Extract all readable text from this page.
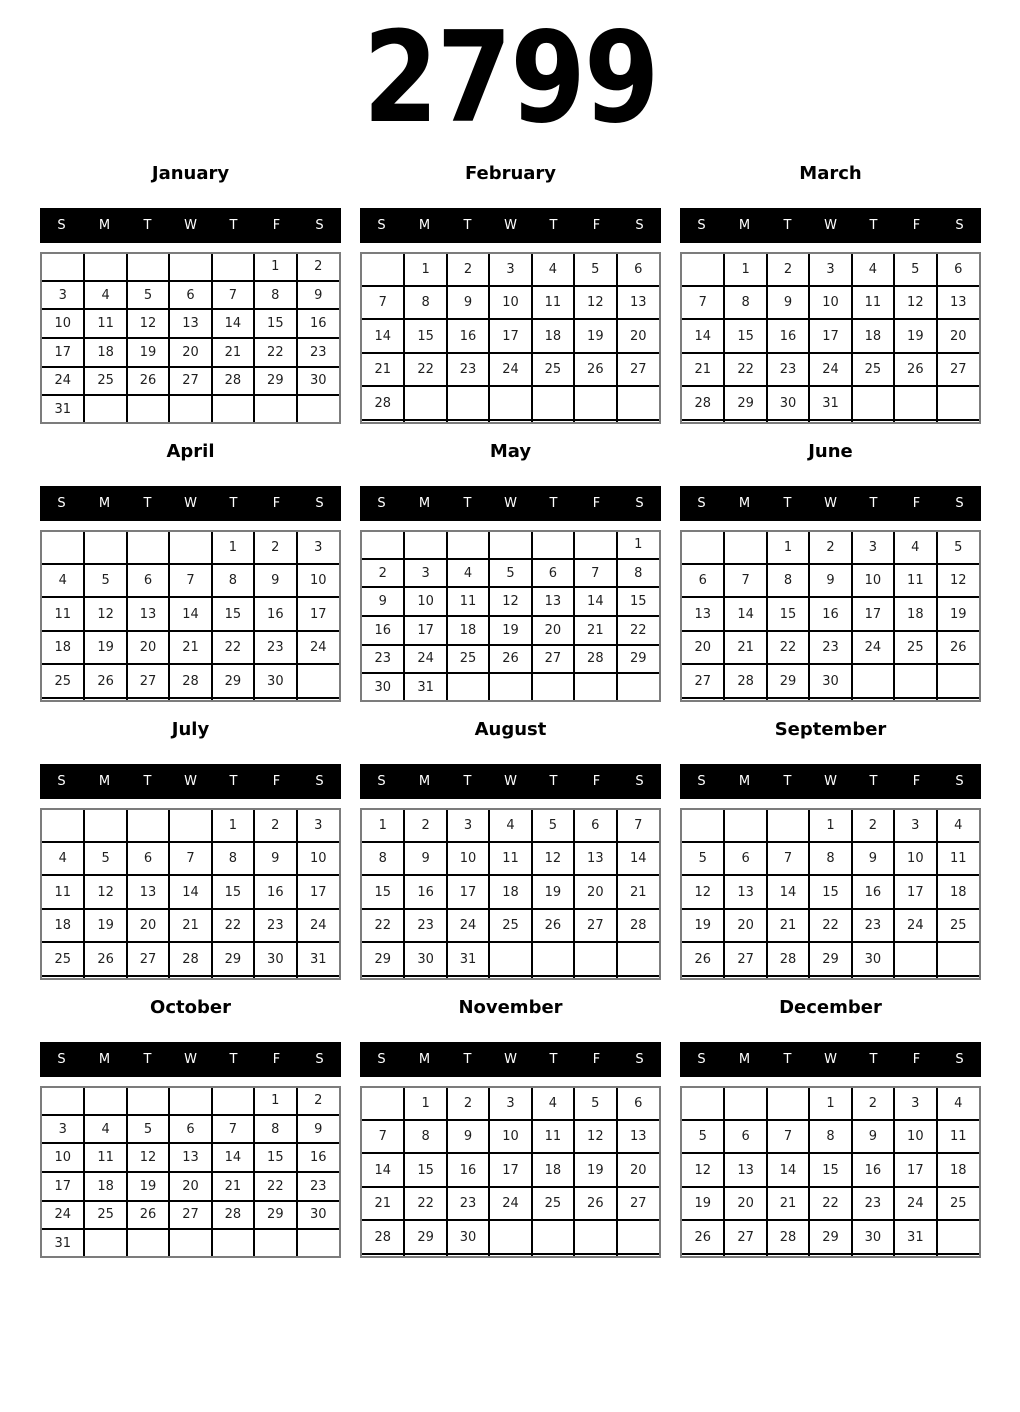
2799
January
S	M	T	W	T	F	S
					1	2
3	4	5	6	7	8	9
10	11	12	13	14	15	16
17	18	19	20	21	22	23
24	25	26	27	28	29	30
31						
February
S	M	T	W	T	F	S
	1	2	3	4	5	6
7	8	9	10	11	12	13
14	15	16	17	18	19	20
21	22	23	24	25	26	27
28						

March
S	M	T	W	T	F	S
	1	2	3	4	5	6
7	8	9	10	11	12	13
14	15	16	17	18	19	20
21	22	23	24	25	26	27
28	29	30	31			

April
S	M	T	W	T	F	S
				1	2	3
4	5	6	7	8	9	10
11	12	13	14	15	16	17
18	19	20	21	22	23	24
25	26	27	28	29	30	

May
S	M	T	W	T	F	S
						1
2	3	4	5	6	7	8
9	10	11	12	13	14	15
16	17	18	19	20	21	22
23	24	25	26	27	28	29
30	31					
June
S	M	T	W	T	F	S
		1	2	3	4	5
6	7	8	9	10	11	12
13	14	15	16	17	18	19
20	21	22	23	24	25	26
27	28	29	30			

July
S	M	T	W	T	F	S
				1	2	3
4	5	6	7	8	9	10
11	12	13	14	15	16	17
18	19	20	21	22	23	24
25	26	27	28	29	30	31

August
S	M	T	W	T	F	S
1	2	3	4	5	6	7
8	9	10	11	12	13	14
15	16	17	18	19	20	21
22	23	24	25	26	27	28
29	30	31				

September
S	M	T	W	T	F	S
			1	2	3	4
5	6	7	8	9	10	11
12	13	14	15	16	17	18
19	20	21	22	23	24	25
26	27	28	29	30		

October
S	M	T	W	T	F	S
					1	2
3	4	5	6	7	8	9
10	11	12	13	14	15	16
17	18	19	20	21	22	23
24	25	26	27	28	29	30
31						
November
S	M	T	W	T	F	S
	1	2	3	4	5	6
7	8	9	10	11	12	13
14	15	16	17	18	19	20
21	22	23	24	25	26	27
28	29	30				

December
S	M	T	W	T	F	S
			1	2	3	4
5	6	7	8	9	10	11
12	13	14	15	16	17	18
19	20	21	22	23	24	25
26	27	28	29	30	31	
